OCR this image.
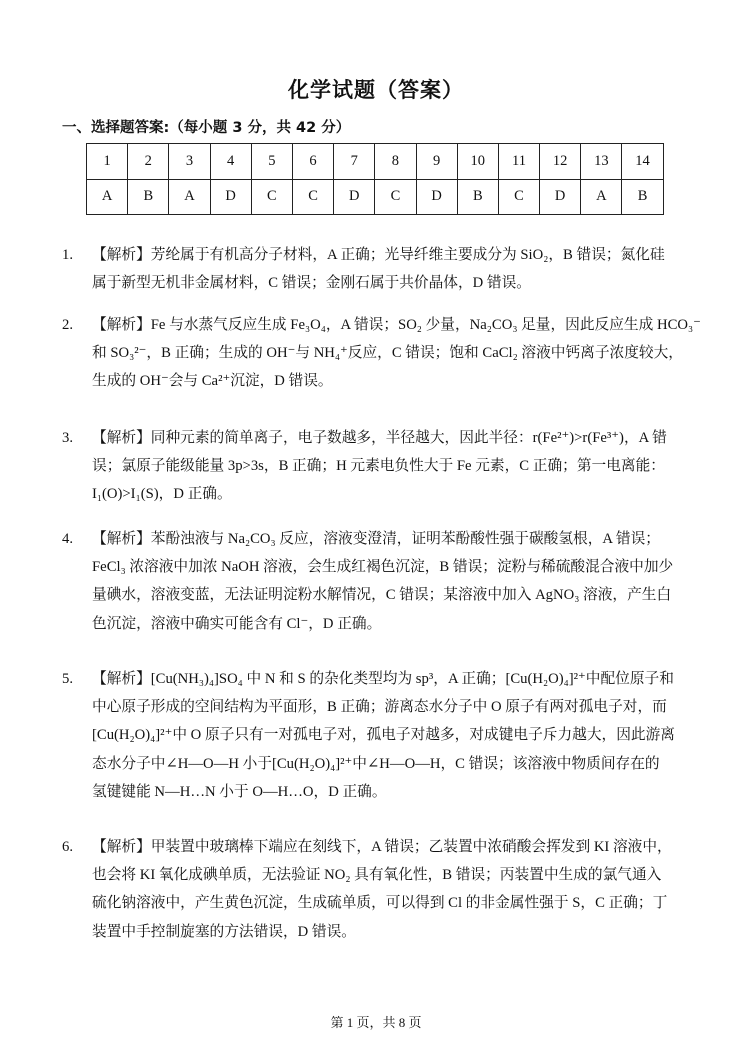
化学试题（答案）
一、选择题答案:（每小题 3 分，共 42 分）
1	2	3	4	5	6	7	8	9	10	11	12	13	14
A	B	A	D	C	C	D	C	D	B	C	D	A	B
1. 【解析】芳纶属于有机高分子材料，A 正确；光导纤维主要成分为 SiO₂，B 错误；氮化硅
属于新型无机非金属材料，C 错误；金刚石属于共价晶体，D 错误。
2. 【解析】Fe 与水蒸气反应生成 Fe₃O₄，A 错误；SO₂ 少量，Na₂CO₃ 足量，因此反应生成 HCO₃⁻
和 SO₃²⁻，B 正确；生成的 OH⁻与 NH₄⁺反应，C 错误；饱和 CaCl₂ 溶液中钙离子浓度较大，
生成的 OH⁻会与 Ca²⁺沉淀，D 错误。
3. 【解析】同种元素的简单离子，电子数越多，半径越大，因此半径：r(Fe²⁺)>r(Fe³⁺)，A 错
误；氯原子能级能量 3p>3s，B 正确；H 元素电负性大于 Fe 元素，C 正确；第一电离能：
I₁(O)>I₁(S)，D 正确。
4. 【解析】苯酚浊液与 Na₂CO₃ 反应，溶液变澄清，证明苯酚酸性强于碳酸氢根，A 错误；
FeCl₃ 浓溶液中加浓 NaOH 溶液，会生成红褐色沉淀，B 错误；淀粉与稀硫酸混合液中加少
量碘水，溶液变蓝，无法证明淀粉水解情况，C 错误；某溶液中加入 AgNO₃ 溶液，产生白
色沉淀，溶液中确实可能含有 Cl⁻，D 正确。
5. 【解析】[Cu(NH₃)₄]SO₄ 中 N 和 S 的杂化类型均为 sp³，A 正确；[Cu(H₂O)₄]²⁺中配位原子和
中心原子形成的空间结构为平面形，B 正确；游离态水分子中 O 原子有两对孤电子对，而
[Cu(H₂O)₄]²⁺中 O 原子只有一对孤电子对，孤电子对越多，对成键电子斥力越大，因此游离
态水分子中∠H—O—H 小于[Cu(H₂O)₄]²⁺中∠H—O—H，C 错误；该溶液中物质间存在的
氢键键能 N—H…N 小于 O—H…O，D 正确。
6. 【解析】甲装置中玻璃棒下端应在刻线下，A 错误；乙装置中浓硝酸会挥发到 KI 溶液中，
也会将 KI 氧化成碘单质，无法验证 NO₂ 具有氧化性，B 错误；丙装置中生成的氯气通入
硫化钠溶液中，产生黄色沉淀，生成硫单质，可以得到 Cl 的非金属性强于 S，C 正确；丁
装置中手控制旋塞的方法错误，D 错误。
第 1 页，共 8 页
